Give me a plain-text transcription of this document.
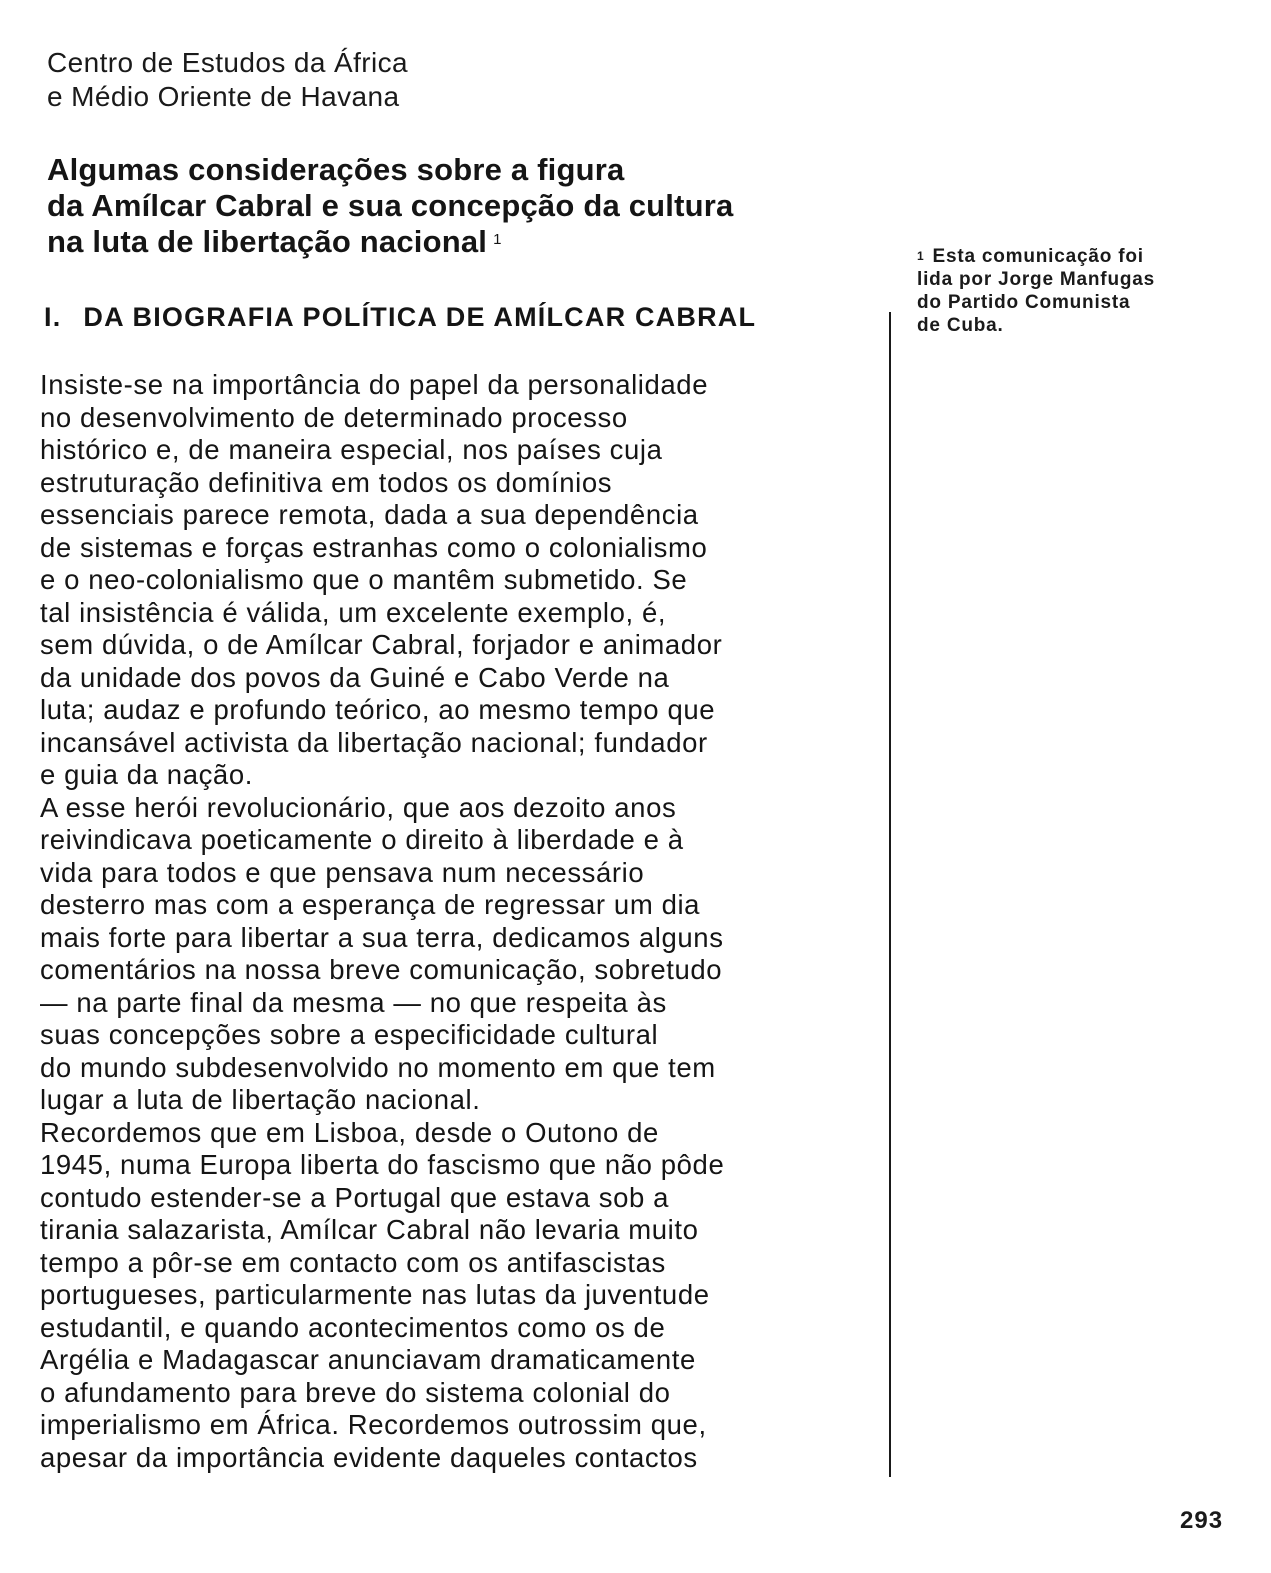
Centro de Estudos da África
e Médio Oriente de Havana
Algumas considerações sobre a figura
da Amílcar Cabral e sua concepção da cultura
na luta de libertação nacional $^1$
I. DA BIOGRAFIA POLÍTICA DE AMÍLCAR CABRAL
Insiste-se na importância do papel da personalidade
no desenvolvimento de determinado processo
histórico e, de maneira especial, nos países cuja
estruturação definitiva em todos os domínios
essenciais parece remota, dada a sua dependência
de sistemas e forças estranhas como o colonialismo
e o neo-colonialismo que o mantêm submetido. Se
tal insistência é válida, um excelente exemplo, é,
sem dúvida, o de Amílcar Cabral, forjador e animador
da unidade dos povos da Guiné e Cabo Verde na
luta; audaz e profundo teórico, ao mesmo tempo que
incansável activista da libertação nacional; fundador
e guia da nação.
A esse herói revolucionário, que aos dezoito anos
reivindicava poeticamente o direito à liberdade e à
vida para todos e que pensava num necessário
desterro mas com a esperança de regressar um dia
mais forte para libertar a sua terra, dedicamos alguns
comentários na nossa breve comunicação, sobretudo
— na parte final da mesma — no que respeita às
suas concepções sobre a especificidade cultural
do mundo subdesenvolvido no momento em que tem
lugar a luta de libertação nacional.
Recordemos que em Lisboa, desde o Outono de
1945, numa Europa liberta do fascismo que não pôde
contudo estender-se a Portugal que estava sob a
tirania salazarista, Amílcar Cabral não levaria muito
tempo a pôr-se em contacto com os antifascistas
portugueses, particularmente nas lutas da juventude
estudantil, e quando acontecimentos como os de
Argélia e Madagascar anunciavam dramaticamente
o afundamento para breve do sistema colonial do
imperialismo em África. Recordemos outrossim que,
apesar da importância evidente daqueles contactos
$^1$ Esta comunicação foi
lida por Jorge Manfugas
do Partido Comunista
de Cuba.
293
